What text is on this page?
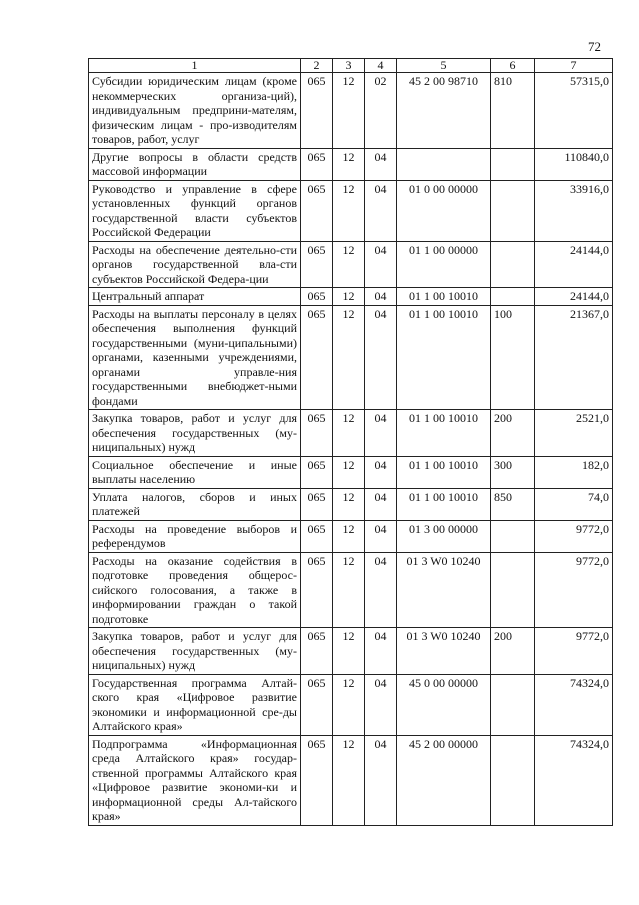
72
1	2	3	4	5	6	7
Субсидии юридическим лицам (кроме некоммерческих организа-ций), индивидуальным предприни-мателям, физическим лицам - про-изводителям товаров, работ, услуг	065	12	02	45 2 00 98710	810	57315,0
Другие вопросы в области средств массовой информации	065	12	04			110840,0
Руководство и управление в сфере установленных функций органов государственной власти субъектов Российской Федерации	065	12	04	01 0 00 00000		33916,0
Расходы на обеспечение деятельно-сти органов государственной вла-сти субъектов Российской Федера-ции	065	12	04	01 1 00 00000		24144,0
Центральный аппарат	065	12	04	01 1 00 10010		24144,0
Расходы на выплаты персоналу в целях обеспечения выполнения функций государственными (муни-ципальными) органами, казенными учреждениями, органами управле-ния государственными внебюджет-ными фондами	065	12	04	01 1 00 10010	100	21367,0
Закупка товаров, работ и услуг для обеспечения государственных (му-ниципальных) нужд	065	12	04	01 1 00 10010	200	2521,0
Социальное обеспечение и иные выплаты населению	065	12	04	01 1 00 10010	300	182,0
Уплата налогов, сборов и иных платежей	065	12	04	01 1 00 10010	850	74,0
Расходы на проведение выборов и референдумов	065	12	04	01 3 00 00000		9772,0
Расходы на оказание содействия в подготовке проведения общерос-сийского голосования, а также в информировании граждан о такой подготовке	065	12	04	01 3 W0 10240		9772,0
Закупка товаров, работ и услуг для обеспечения государственных (му-ниципальных) нужд	065	12	04	01 3 W0 10240	200	9772,0
Государственная программа Алтай-ского края «Цифровое развитие экономики и информационной сре-ды Алтайского края»	065	12	04	45 0 00 00000		74324,0
Подпрограмма «Информационная среда Алтайского края» государ-ственной программы Алтайского края «Цифровое развитие экономи-ки и информационной среды Ал-тайского края»	065	12	04	45 2 00 00000		74324,0
